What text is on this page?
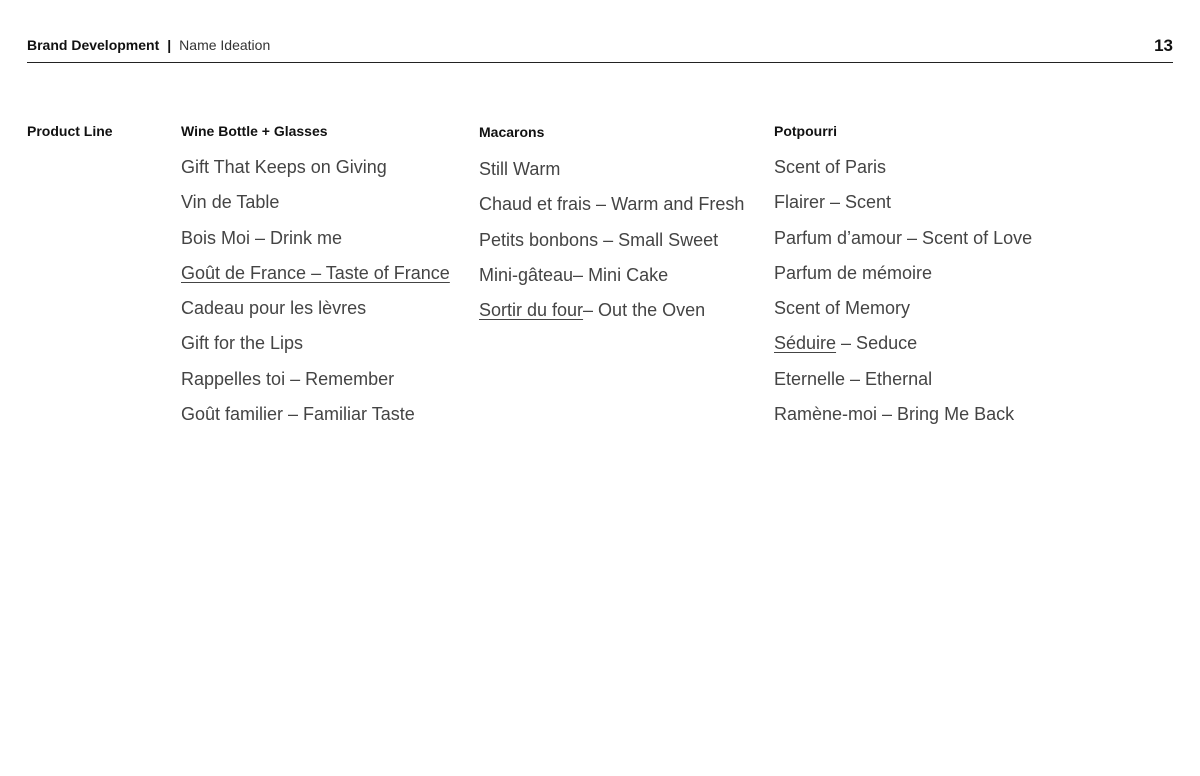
Brand Development | Name Ideation	13
Product Line	Wine Bottle + Glasses
Gift That Keeps on Giving
Vin de Table
Bois Moi – Drink me
Goût de France – Taste of France
Cadeau pour les lèvres
Gift for the Lips
Rappelles toi – Remember
Goût familier – Familiar Taste
Macarons
Still Warm
Chaud et frais – Warm and Fresh
Petits bonbons – Small Sweet
Mini-gâteau– Mini Cake
Sortir du four– Out the Oven
Potpourri
Scent of Paris
Flairer – Scent
Parfum d’amour – Scent of Love
Parfum de mémoire
Scent of Memory
Séduire – Seduce
Eternelle – Ethernal
Ramène-moi – Bring Me Back
